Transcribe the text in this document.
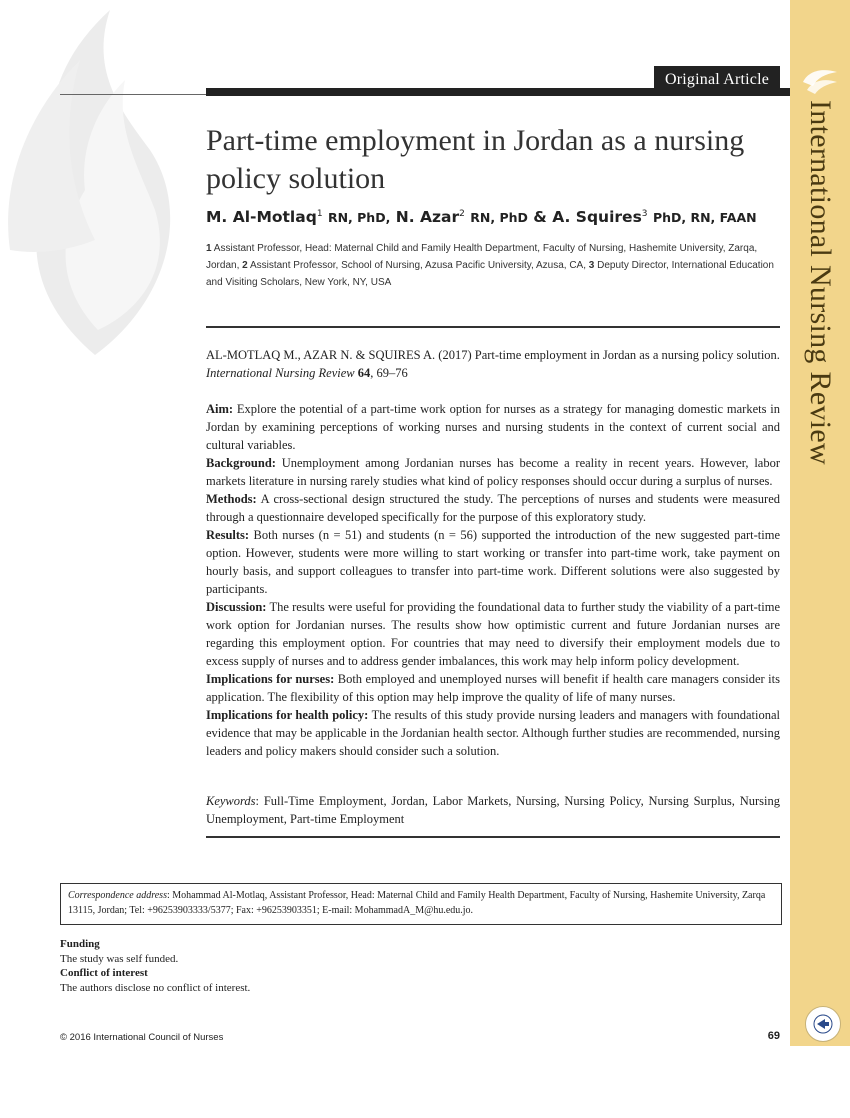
International Nursing Review
Original Article
Part-time employment in Jordan as a nursing policy solution
M. Al-Motlaq$^1$ RN, PhD, N. Azar$^2$ RN, PhD & A. Squires$^3$ PhD, RN, FAAN
1 Assistant Professor, Head: Maternal Child and Family Health Department, Faculty of Nursing, Hashemite University, Zarqa, Jordan, 2 Assistant Professor, School of Nursing, Azusa Pacific University, Azusa, CA, 3 Deputy Director, International Education and Visiting Scholars, New York, NY, USA
AL-MOTLAQ M., AZAR N. & SQUIRES A. (2017) Part-time employment in Jordan as a nursing policy solution. International Nursing Review 64, 69–76

Aim: Explore the potential of a part-time work option for nurses as a strategy for managing domestic markets in Jordan by examining perceptions of working nurses and nursing students in the context of current social and cultural variables.

Background: Unemployment among Jordanian nurses has become a reality in recent years. However, labor markets literature in nursing rarely studies what kind of policy responses should occur during a surplus of nurses.

Methods: A cross-sectional design structured the study. The perceptions of nurses and students were measured through a questionnaire developed specifically for the purpose of this exploratory study.

Results: Both nurses (n = 51) and students (n = 56) supported the introduction of the new suggested part-time option. However, students were more willing to start working or transfer into part-time work, take payment on hourly basis, and support colleagues to transfer into part-time work. Different solutions were also suggested by participants.

Discussion: The results were useful for providing the foundational data to further study the viability of a part-time work option for Jordanian nurses. The results show how optimistic current and future Jordanian nurses are regarding this employment option. For countries that may need to diversify their employment models due to excess supply of nurses and to address gender imbalances, this work may help inform policy development.

Implications for nurses: Both employed and unemployed nurses will benefit if health care managers consider its application. The flexibility of this option may help improve the quality of life of many nurses.

Implications for health policy: The results of this study provide nursing leaders and managers with foundational evidence that may be applicable in the Jordanian health sector. Although further studies are recommended, nursing leaders and policy makers should consider such a solution.

Keywords: Full-Time Employment, Jordan, Labor Markets, Nursing, Nursing Policy, Nursing Surplus, Nursing Unemployment, Part-time Employment
Correspondence address: Mohammad Al-Motlaq, Assistant Professor, Head: Maternal Child and Family Health Department, Faculty of Nursing, Hashemite University, Zarqa 13115, Jordan; Tel: +96253903333/5377; Fax: +96253903351; E-mail: MohammadA_M@hu.edu.jo.
Funding
The study was self funded.
Conflict of interest
The authors disclose no conflict of interest.
© 2016 International Council of Nurses	69
